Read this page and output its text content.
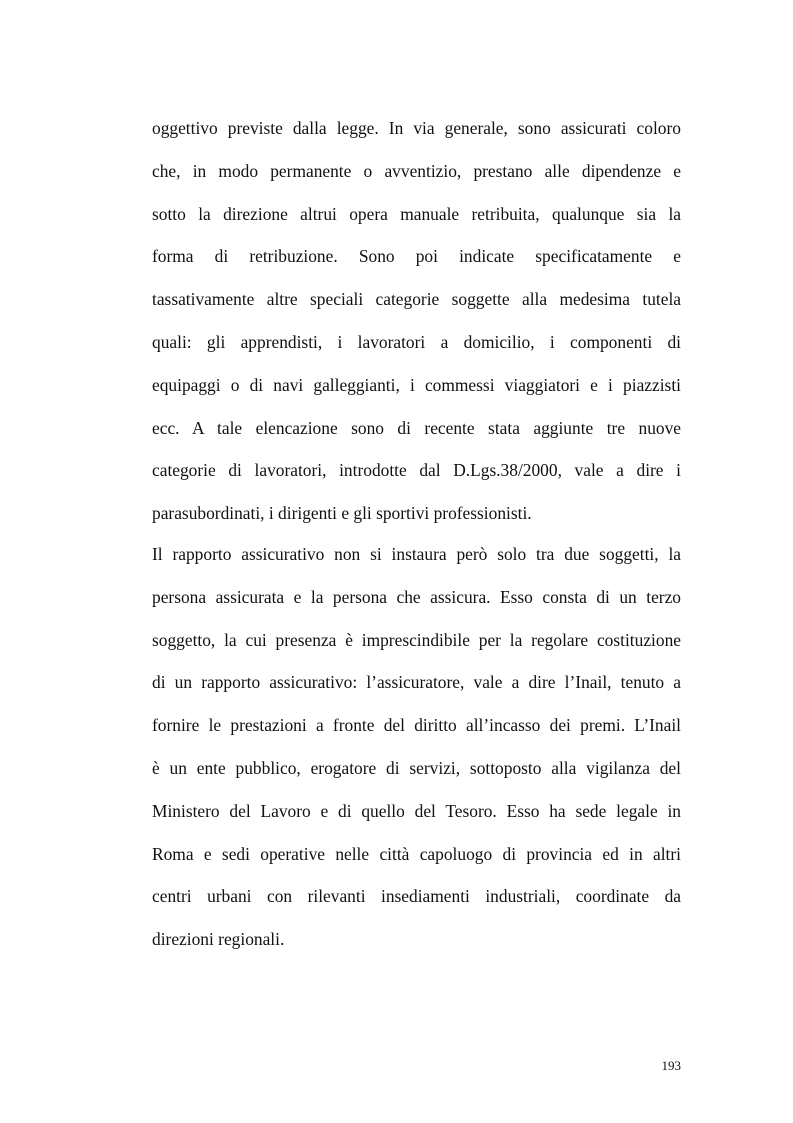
oggettivo previste dalla legge. In via generale, sono assicurati coloro
che, in modo permanente o avventizio, prestano alle dipendenze e
sotto la direzione altrui opera manuale retribuita, qualunque sia la
forma di retribuzione. Sono poi indicate specificatamente e
tassativamente altre speciali categorie soggette alla medesima tutela
quali: gli apprendisti, i lavoratori a domicilio, i componenti di
equipaggi o di navi galleggianti, i commessi viaggiatori e i piazzisti
ecc. A tale elencazione sono di recente stata aggiunte tre nuove
categorie di lavoratori, introdotte dal D.Lgs.38/2000, vale a dire i
parasubordinati, i dirigenti e gli sportivi professionisti.
Il rapporto assicurativo non si instaura però solo tra due soggetti, la
persona assicurata e la persona che assicura. Esso consta di un terzo
soggetto, la cui presenza è imprescindibile per la regolare costituzione
di un rapporto assicurativo: l’assicuratore, vale a dire l’Inail, tenuto a
fornire le prestazioni a fronte del diritto all’incasso dei premi. L’Inail
è un ente pubblico, erogatore di servizi, sottoposto alla vigilanza del
Ministero del Lavoro e di quello del Tesoro. Esso ha sede legale in
Roma e sedi operative nelle città capoluogo di provincia ed in altri
centri urbani con rilevanti insediamenti industriali, coordinate da
direzioni regionali.
193
